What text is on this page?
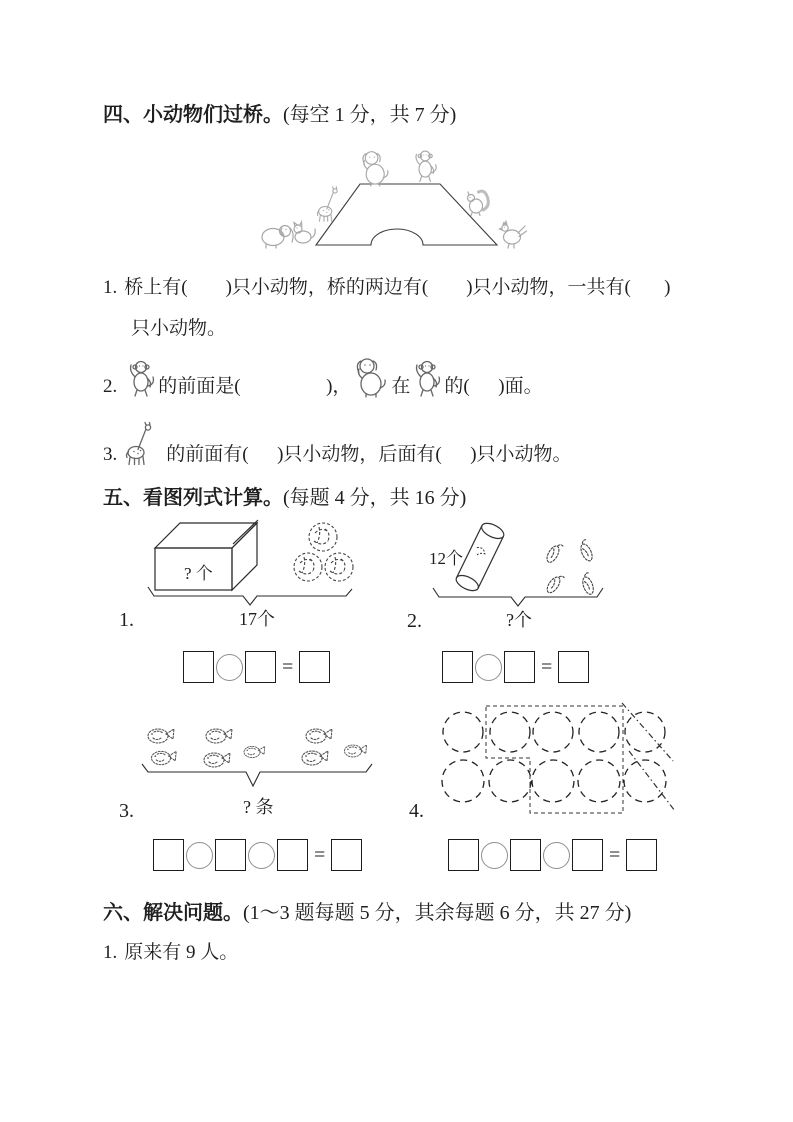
四、小动物们过桥。(每空 1 分，共 7 分)
1. 桥上有(        )只小动物，桥的两边有(        )只小动物，一共有(       )
只小动物。
2. 的前面是(                  )， 在 的(      )面。
3.	的前面有(      )只小动物，后面有(      )只小动物。
五、看图列式计算。(每题 4 分，共 16 分)
? 个
17个
1.
12个
?个
2.
=	=
? 条
3.	4.
=	=
六、解决问题。(1～3 题每题 5 分，其余每题 6 分，共 27 分)
1. 原来有 9 人。
